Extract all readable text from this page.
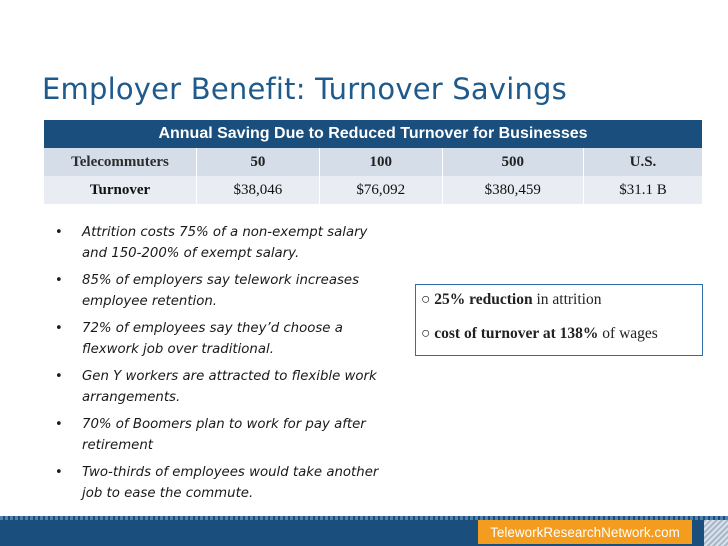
Employer Benefit: Turnover Savings
Annual Saving Due to Reduced Turnover for Businesses
Telecommuters	50	100	500	U.S.
Turnover	$38,046	$76,092	$380,459	$31.1 B
• Attrition costs 75% of a non-exempt salary and 150-200% of exempt salary.
• 85% of employers say telework increases employee retention.
• 72% of employees say they’d choose a flexwork job over traditional.
• Gen Y workers are attracted to flexible work arrangements.
• 70% of Boomers plan to work for pay after retirement
• Two-thirds of employees would take another job to ease the commute.
○ 25% reduction in attrition
○ cost of turnover at 138% of wages
TeleworkResearchNetwork.com
